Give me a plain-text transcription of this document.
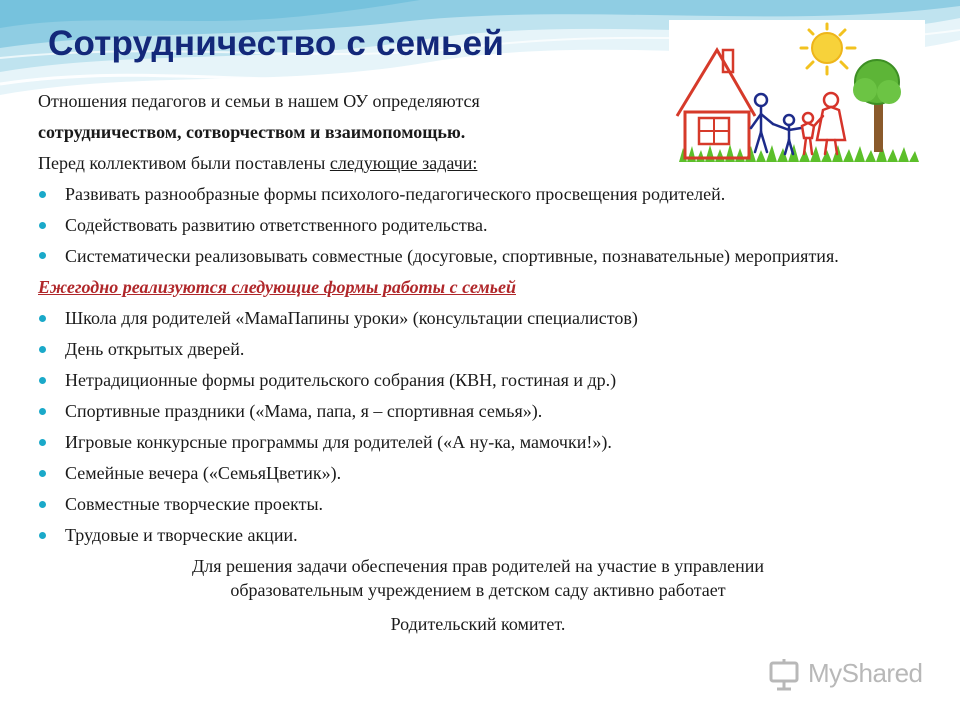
Сотрудничество с семьей

Отношения педагогов и семьи в нашем ОУ определяются

сотрудничеством, сотворчеством и взаимопомощью.

Перед коллективом были поставлены следующие задачи:

Развивать разнообразные формы психолого-педагогического просвещения родителей.
Содействовать развитию ответственного родительства.
Систематически реализовывать совместные (досуговые, спортивные, познавательные) мероприятия.

Ежегодно реализуются следующие формы работы с семьей

Школа для родителей «МамаПапины уроки» (консультации специалистов)
День открытых дверей.
Нетрадиционные формы родительского собрания (КВН, гостиная и др.)
Спортивные праздники («Мама, папа, я – спортивная семья»).
Игровые конкурсные программы для родителей («А ну-ка, мамочки!»).
Семейные вечера («СемьяЦветик»).
Совместные творческие проекты.
Трудовые и творческие акции.
Для решения задачи обеспечения прав родителей на участие в управлении
образовательным учреждением в детском саду активно работает
Родительский комитет.
MyShared
